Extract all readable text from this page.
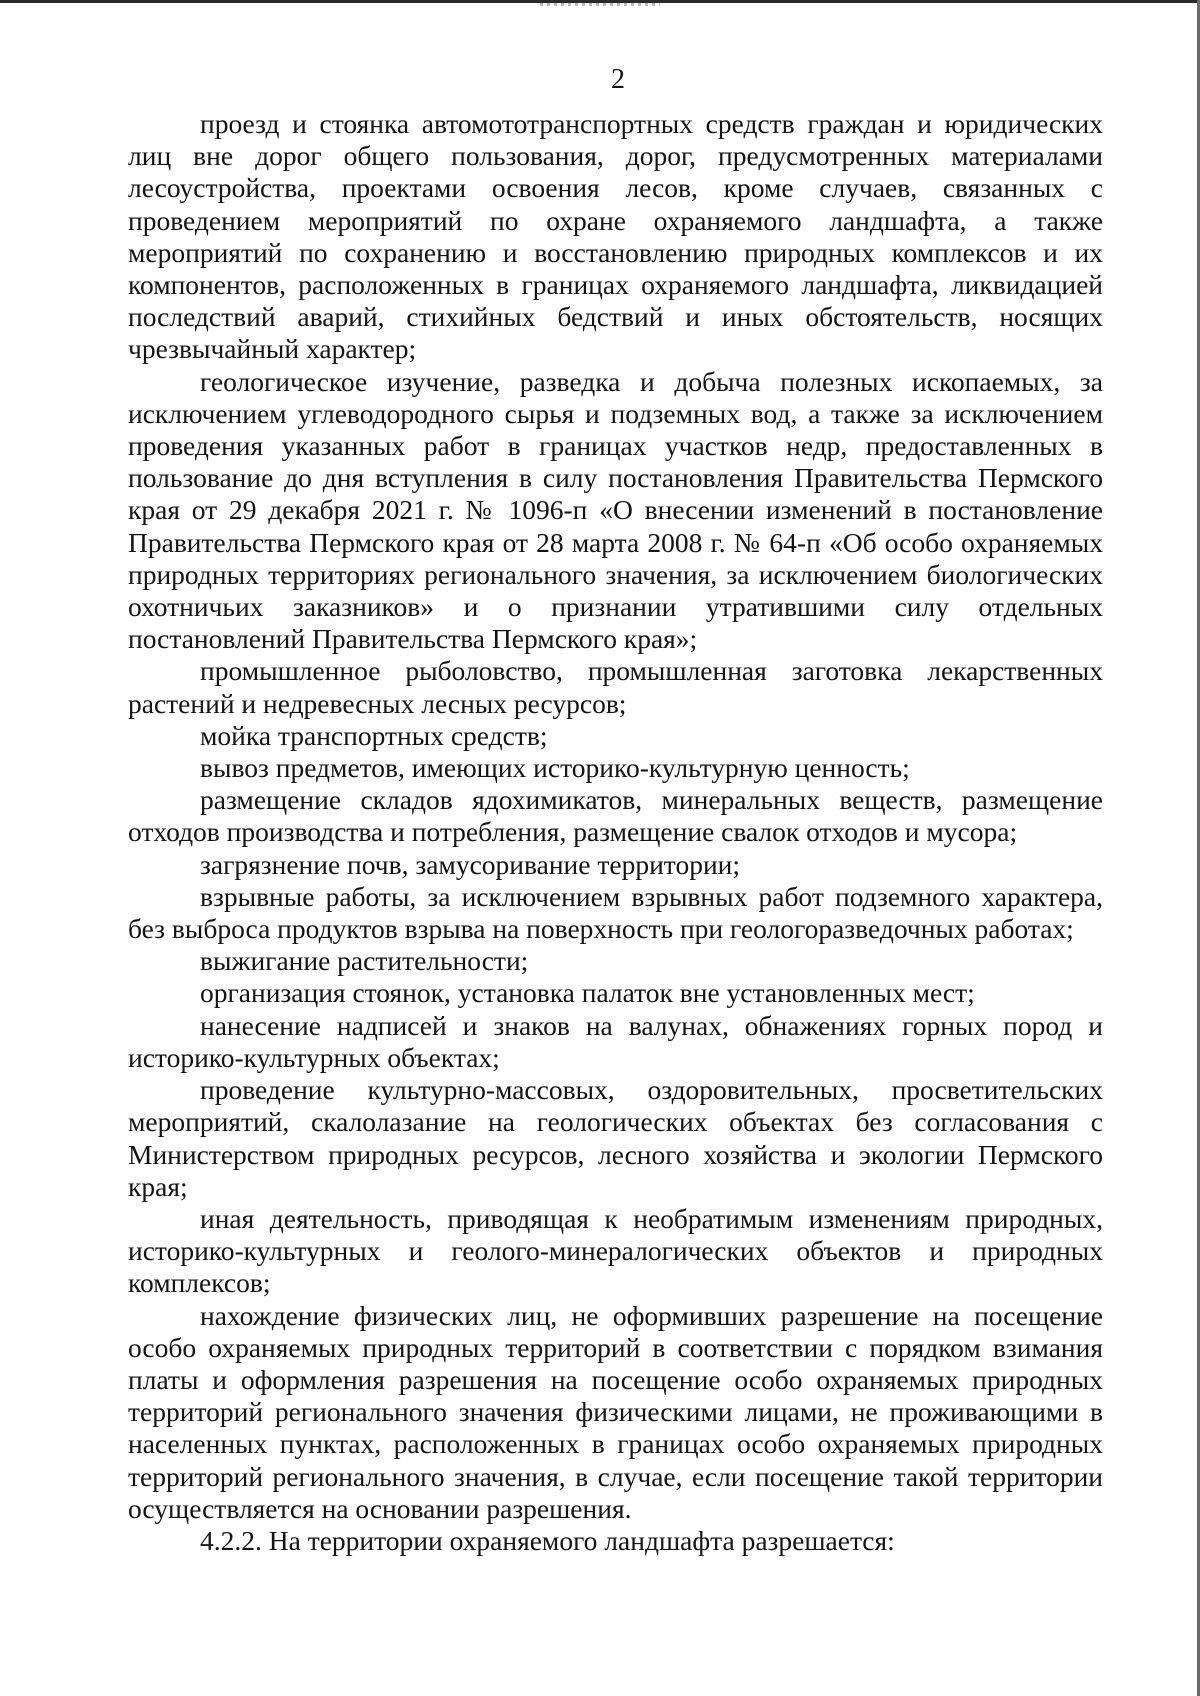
2

проезд и стоянка автомототранспортных средств граждан и юридических лиц вне дорог общего пользования, дорог, предусмотренных материалами лесоустройства, проектами освоения лесов, кроме случаев, связанных с проведением мероприятий по охране охраняемого ландшафта, а также мероприятий по сохранению и восстановлению природных комплексов и их компонентов, расположенных в границах охраняемого ландшафта, ликвидацией последствий аварий, стихийных бедствий и иных обстоятельств, носящих чрезвычайный характер;

геологическое изучение, разведка и добыча полезных ископаемых, за исключением углеводородного сырья и подземных вод, а также за исключением проведения указанных работ в границах участков недр, предоставленных в пользование до дня вступления в силу постановления Правительства Пермского края от 29 декабря 2021 г. № 1096-п «О внесении изменений в постановление Правительства Пермского края от 28 марта 2008 г. № 64-п «Об особо охраняемых природных территориях регионального значения, за исключением биологических охотничьих заказников» и о признании утратившими силу отдельных постановлений Правительства Пермского края»;

промышленное рыболовство, промышленная заготовка лекарственных растений и недревесных лесных ресурсов;

мойка транспортных средств;

вывоз предметов, имеющих историко-культурную ценность;

размещение складов ядохимикатов, минеральных веществ, размещение отходов производства и потребления, размещение свалок отходов и мусора;

загрязнение почв, замусоривание территории;

взрывные работы, за исключением взрывных работ подземного характера, без выброса продуктов взрыва на поверхность при геологоразведочных работах;

выжигание растительности;

организация стоянок, установка палаток вне установленных мест;

нанесение надписей и знаков на валунах, обнажениях горных пород и историко-культурных объектах;

проведение культурно-массовых, оздоровительных, просветительских мероприятий, скалолазание на геологических объектах без согласования с Министерством природных ресурсов, лесного хозяйства и экологии Пермского края;

иная деятельность, приводящая к необратимым изменениям природных, историко-культурных и геолого-минералогических объектов и природных комплексов;

нахождение физических лиц, не оформивших разрешение на посещение особо охраняемых природных территорий в соответствии с порядком взимания платы и оформления разрешения на посещение особо охраняемых природных территорий регионального значения физическими лицами, не проживающими в населенных пунктах, расположенных в границах особо охраняемых природных территорий регионального значения, в случае, если посещение такой территории осуществляется на основании разрешения.

4.2.2. На территории охраняемого ландшафта разрешается:
